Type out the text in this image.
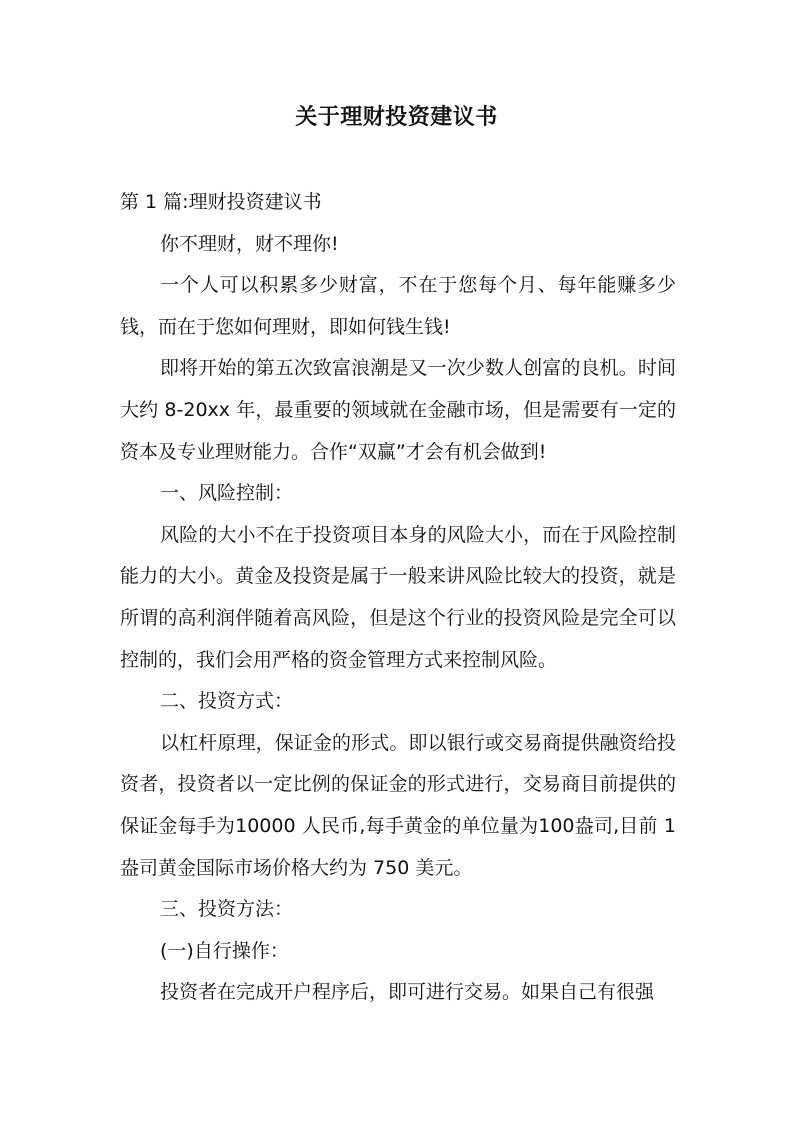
关于理财投资建议书

第 1 篇:理财投资建议书

你不理财，财不理你!

一个人可以积累多少财富，不在于您每个月、每年能赚多少钱，而在于您如何理财，即如何钱生钱!

即将开始的第五次致富浪潮是又一次少数人创富的良机。时间大约 8-20xx 年，最重要的领域就在金融市场，但是需要有一定的资本及专业理财能力。合作“双赢”才会有机会做到!

一、风险控制：

风险的大小不在于投资项目本身的风险大小，而在于风险控制能力的大小。黄金及投资是属于一般来讲风险比较大的投资，就是所谓的高利润伴随着高风险，但是这个行业的投资风险是完全可以控制的，我们会用严格的资金管理方式来控制风险。

二、投资方式：

以杠杆原理，保证金的形式。即以银行或交易商提供融资给投资者，投资者以一定比例的保证金的形式进行，交易商目前提供的保证金每手为10000 人民币,每手黄金的单位量为100盎司,目前 1 盎司黄金国际市场价格大约为 750 美元。

三、投资方法：

(一)自行操作：

投资者在完成开户程序后，即可进行交易。如果自己有很强
